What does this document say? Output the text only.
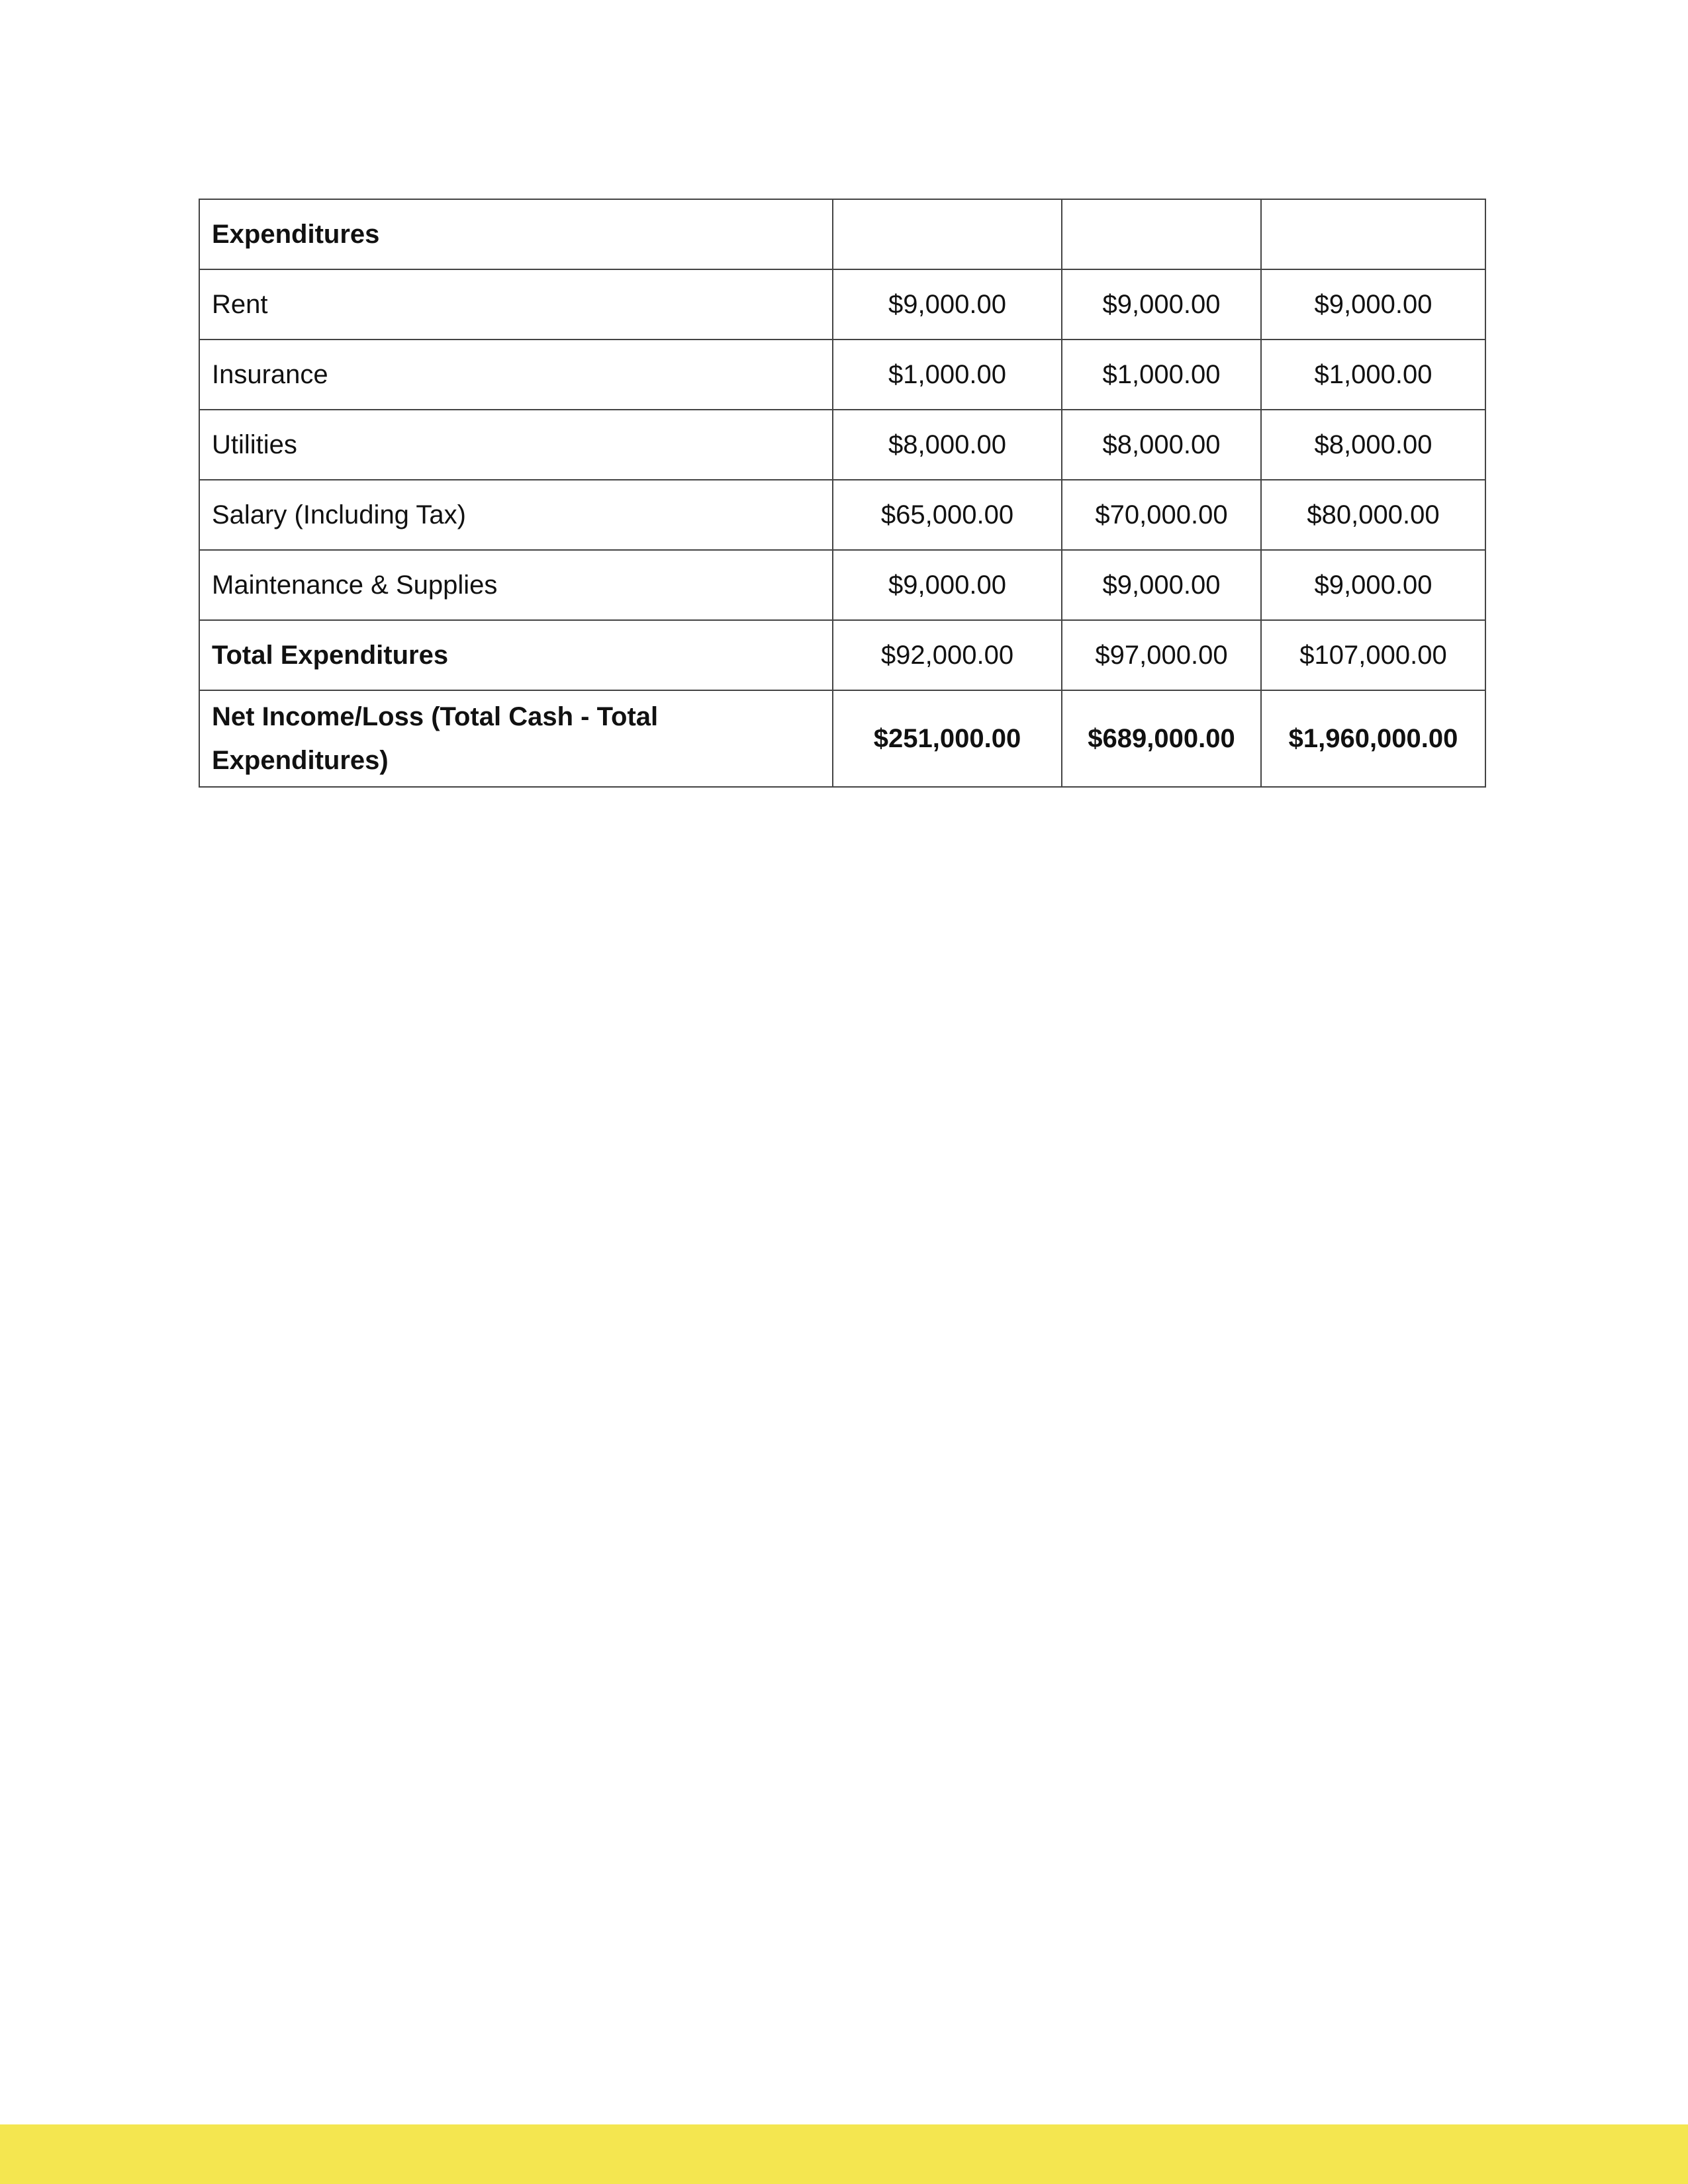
Expenditures			
Rent	$9,000.00	$9,000.00	$9,000.00
Insurance	$1,000.00	$1,000.00	$1,000.00
Utilities	$8,000.00	$8,000.00	$8,000.00
Salary (Including Tax)	$65,000.00	$70,000.00	$80,000.00
Maintenance & Supplies	$9,000.00	$9,000.00	$9,000.00
Total Expenditures	$92,000.00	$97,000.00	$107,000.00
Net Income/Loss (Total Cash - Total Expenditures)	$251,000.00	$689,000.00	$1,960,000.00
